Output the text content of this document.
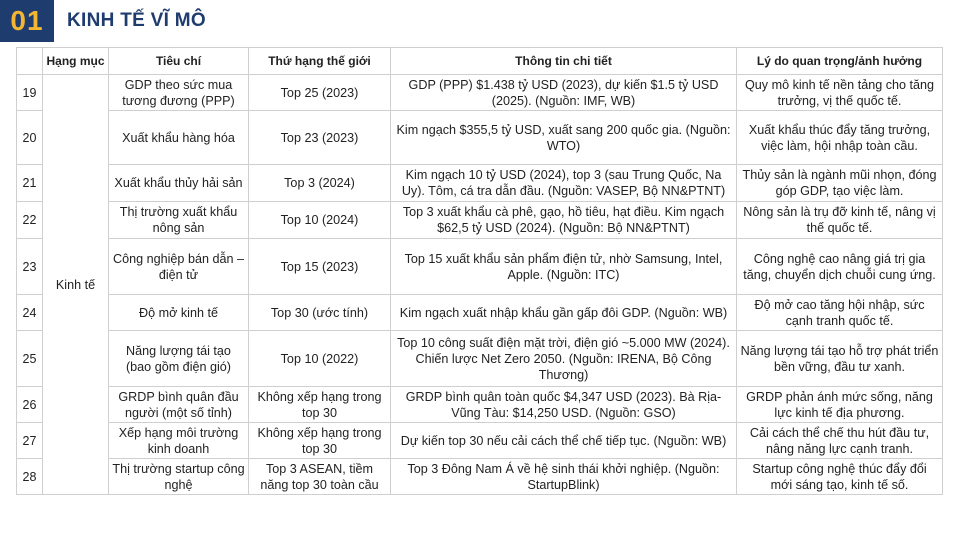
01	KINH TẾ VĨ MÔ
	Hạng mục	Tiêu chí	Thứ hạng thế giới	Thông tin chi tiết	Lý do quan trọng/ảnh hưởng
19	Kinh tế	GDP theo sức mua tương đương (PPP)	Top 25 (2023)	GDP (PPP) $1.438 tỷ USD (2023), dự kiến $1.5 tỷ USD (2025). (Nguồn: IMF, WB)	Quy mô kinh tế nền tảng cho tăng trưởng, vị thế quốc tế.
20		Xuất khẩu hàng hóa	Top 23 (2023)	Kim ngạch $355,5 tỷ USD, xuất sang 200 quốc gia. (Nguồn: WTO)	Xuất khẩu thúc đẩy tăng trưởng, việc làm, hội nhập toàn cầu.
21		Xuất khẩu thủy hải sản	Top 3 (2024)	Kim ngạch 10 tỷ USD (2024), top 3 (sau Trung Quốc, Na Uy). Tôm, cá tra dẫn đầu. (Nguồn: VASEP, Bộ NN&PTNT)	Thủy sản là ngành mũi nhọn, đóng góp GDP, tạo việc làm.
22		Thị trường xuất khẩu nông sản	Top 10 (2024)	Top 3 xuất khẩu cà phê, gạo, hồ tiêu, hạt điều. Kim ngạch $62,5 tỷ USD (2024). (Nguồn: Bộ NN&PTNT)	Nông sản là trụ đỡ kinh tế, nâng vị thế quốc tế.
23		Công nghiệp bán dẫn – điện tử	Top 15 (2023)	Top 15 xuất khẩu sản phẩm điện tử, nhờ Samsung, Intel, Apple. (Nguồn: ITC)	Công nghệ cao nâng giá trị gia tăng, chuyển dịch chuỗi cung ứng.
24		Độ mở kinh tế	Top 30 (ước tính)	Kim ngạch xuất nhập khẩu gần gấp đôi GDP. (Nguồn: WB)	Độ mở cao tăng hội nhập, sức cạnh tranh quốc tế.
25		Năng lượng tái tạo (bao gồm điện gió)	Top 10 (2022)	Top 10 công suất điện mặt trời, điện gió ~5.000 MW (2024). Chiến lược Net Zero 2050. (Nguồn: IRENA, Bộ Công Thương)	Năng lượng tái tạo hỗ trợ phát triển bền vững, đầu tư xanh.
26		GRDP bình quân đầu người (một số tỉnh)	Không xếp hạng trong top 30	GRDP bình quân toàn quốc $4,347 USD (2023). Bà Rịa-Vũng Tàu: $14,250 USD. (Nguồn: GSO)	GRDP phản ánh mức sống, năng lực kinh tế địa phương.
27		Xếp hạng môi trường kinh doanh	Không xếp hạng trong top 30	Dự kiến top 30 nếu cải cách thể chế tiếp tục. (Nguồn: WB)	Cải cách thể chế thu hút đầu tư, nâng năng lực cạnh tranh.
28		Thị trường startup công nghệ	Top 3 ASEAN, tiềm năng top 30 toàn cầu	Top 3 Đông Nam Á về hệ sinh thái khởi nghiệp. (Nguồn: StartupBlink)	Startup công nghệ thúc đẩy đổi mới sáng tạo, kinh tế số.
